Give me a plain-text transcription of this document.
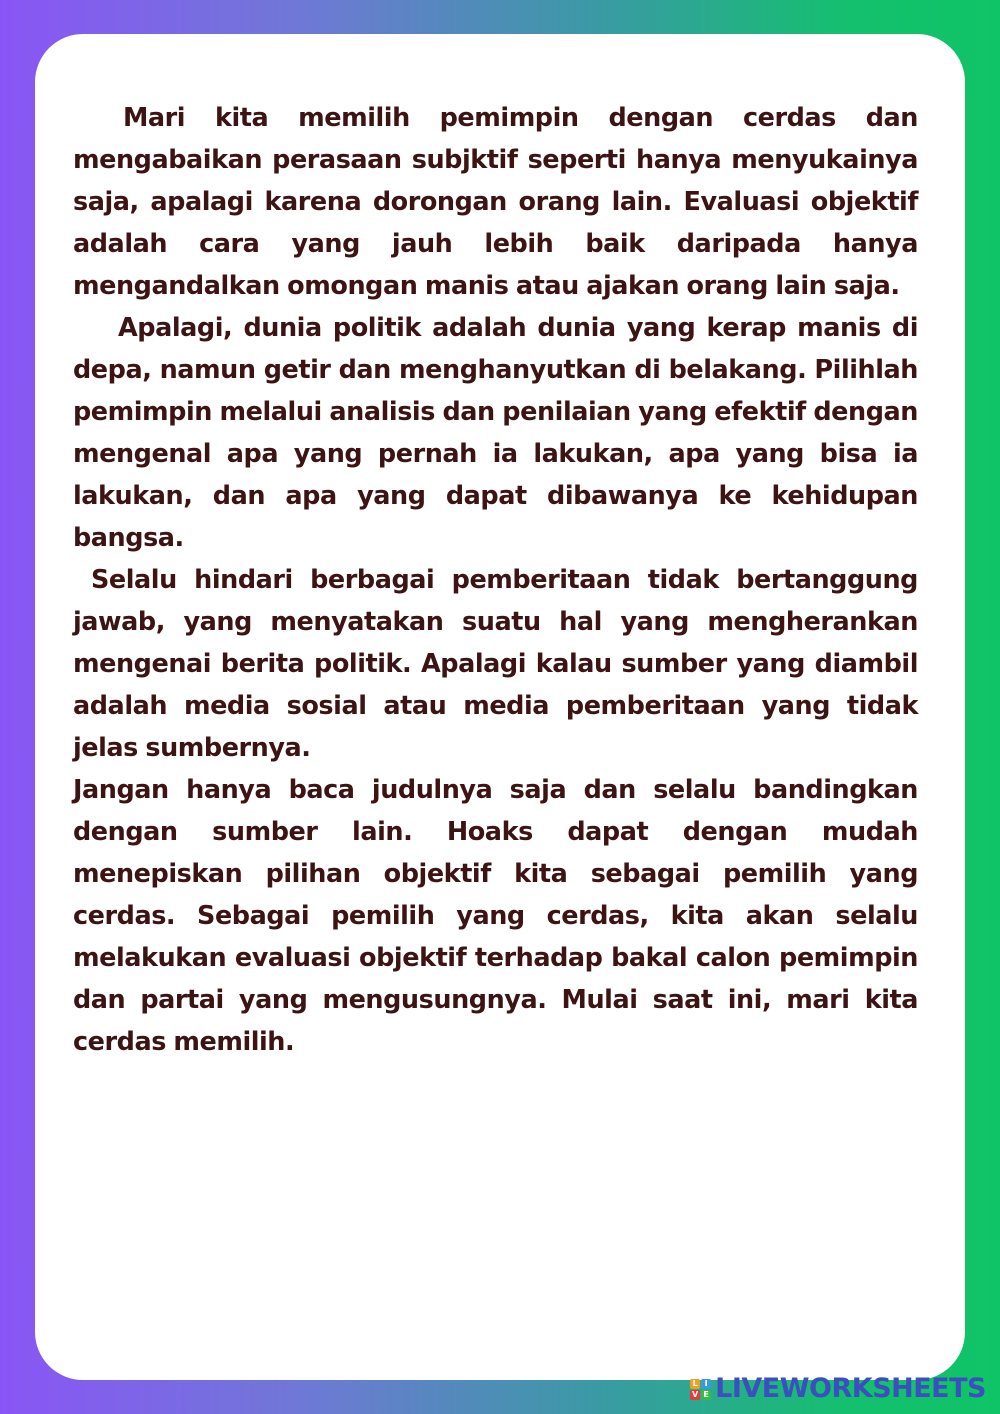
Mari kita memilih pemimpin dengan cerdas dan mengabaikan perasaan subjktif seperti hanya menyukainya saja, apalagi karena dorongan orang lain. Evaluasi objektif adalah cara yang jauh lebih baik daripada hanya mengandalkan omongan manis atau ajakan orang lain saja.

Apalagi, dunia politik adalah dunia yang kerap manis di depa, namun getir dan menghanyutkan di belakang. Pilihlah pemimpin melalui analisis dan penilaian yang efektif dengan mengenal apa yang pernah ia lakukan, apa yang bisa ia lakukan, dan apa yang dapat dibawanya ke kehidupan bangsa.

Selalu hindari berbagai pemberitaan tidak bertanggung jawab, yang menyatakan suatu hal yang mengherankan mengenai berita politik. Apalagi kalau sumber yang diambil adalah media sosial atau media pemberitaan yang tidak jelas sumbernya.

Jangan hanya baca judulnya saja dan selalu bandingkan dengan sumber lain. Hoaks dapat dengan mudah menepiskan pilihan objektif kita sebagai pemilih yang cerdas. Sebagai pemilih yang cerdas, kita akan selalu melakukan evaluasi objektif terhadap bakal calon pemimpin dan partai yang mengusungnya. Mulai saat ini, mari kita cerdas memilih.

L I
V E LIVEWORKSHEETS
